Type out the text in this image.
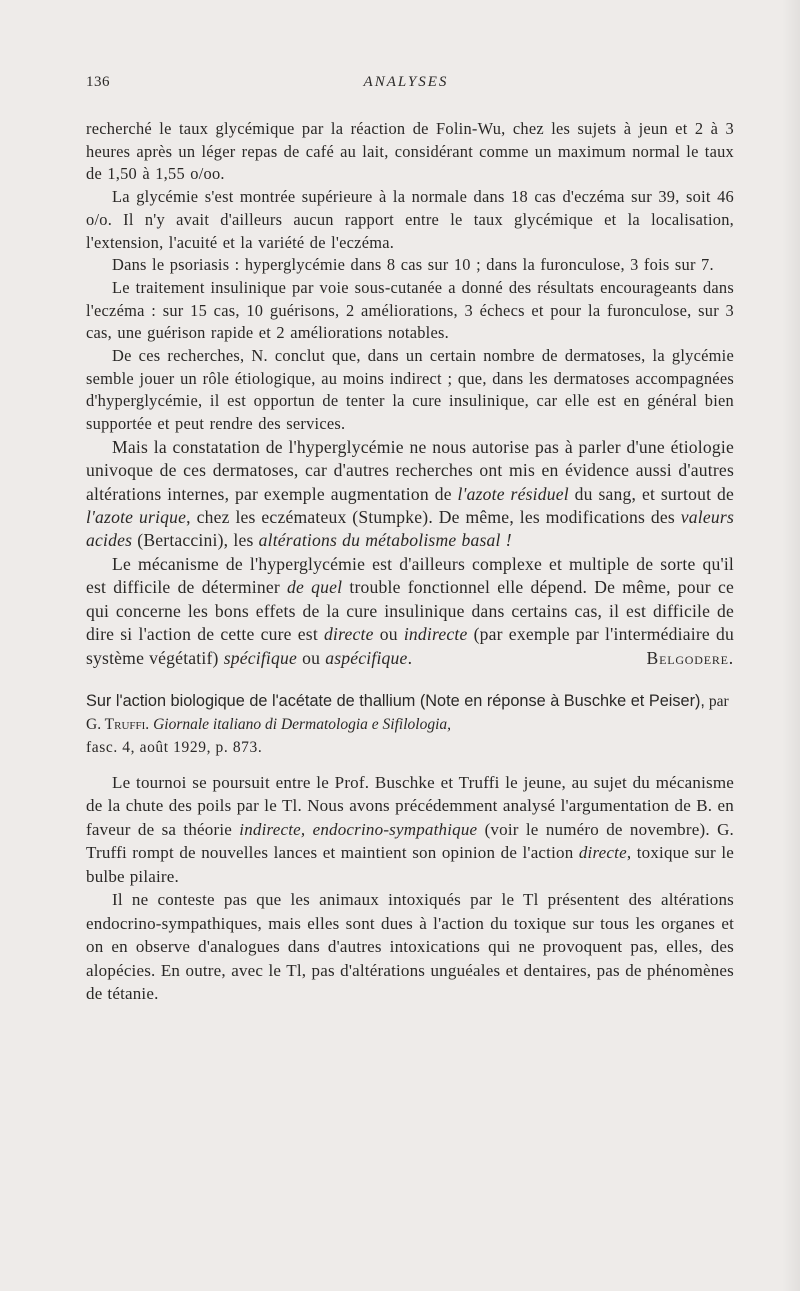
136	ANALYSES

recherché le taux glycémique par la réaction de Folin-Wu, chez les sujets à jeun et 2 à 3 heures après un léger repas de café au lait, considérant comme un maximum normal le taux de 1,50 à 1,55 o/oo.

La glycémie s'est montrée supérieure à la normale dans 18 cas d'eczéma sur 39, soit 46 o/o. Il n'y avait d'ailleurs aucun rapport entre le taux glycémique et la localisation, l'extension, l'acuité et la variété de l'eczéma.

Dans le psoriasis : hyperglycémie dans 8 cas sur 10 ; dans la furonculose, 3 fois sur 7.

Le traitement insulinique par voie sous-cutanée a donné des résultats encourageants dans l'eczéma : sur 15 cas, 10 guérisons, 2 améliorations, 3 échecs et pour la furonculose, sur 3 cas, une guérison rapide et 2 améliorations notables.

De ces recherches, N. conclut que, dans un certain nombre de dermatoses, la glycémie semble jouer un rôle étiologique, au moins indirect ; que, dans les dermatoses accompagnées d'hyperglycémie, il est opportun de tenter la cure insulinique, car elle est en général bien supportée et peut rendre des services.

Mais la constatation de l'hyperglycémie ne nous autorise pas à parler d'une étiologie univoque de ces dermatoses, car d'autres recherches ont mis en évidence aussi d'autres altérations internes, par exemple augmentation de l'azote résiduel du sang, et surtout de l'azote urique, chez les eczémateux (Stumpke). De même, les modifications des valeurs acides (Bertaccini), les altérations du métabolisme basal !

Le mécanisme de l'hyperglycémie est d'ailleurs complexe et multiple de sorte qu'il est difficile de déterminer de quel trouble fonctionnel elle dépend. De même, pour ce qui concerne les bons effets de la cure insulinique dans certains cas, il est difficile de dire si l'action de cette cure est directe ou indirecte (par exemple par l'intermédiaire du système végétatif) spécifique ou aspécifique.	Belgodere.

Sur l'action biologique de l'acétate de thallium (Note en réponse à Buschke et Peiser), par G. Truffi. Giornale italiano di Dermatologia e Sifilologia,
fasc. 4, août 1929, p. 873.

Le tournoi se poursuit entre le Prof. Buschke et Truffi le jeune, au sujet du mécanisme de la chute des poils par le Tl. Nous avons précédemment analysé l'argumentation de B. en faveur de sa théorie indirecte, endocrino-sympathique (voir le numéro de novembre). G. Truffi rompt de nouvelles lances et maintient son opinion de l'action directe, toxique sur le bulbe pilaire.

Il ne conteste pas que les animaux intoxiqués par le Tl présentent des altérations endocrino-sympathiques, mais elles sont dues à l'action du toxique sur tous les organes et on en observe d'analogues dans d'autres intoxications qui ne provoquent pas, elles, des alopécies. En outre, avec le Tl, pas d'altérations unguéales et dentaires, pas de phénomènes de tétanie.
